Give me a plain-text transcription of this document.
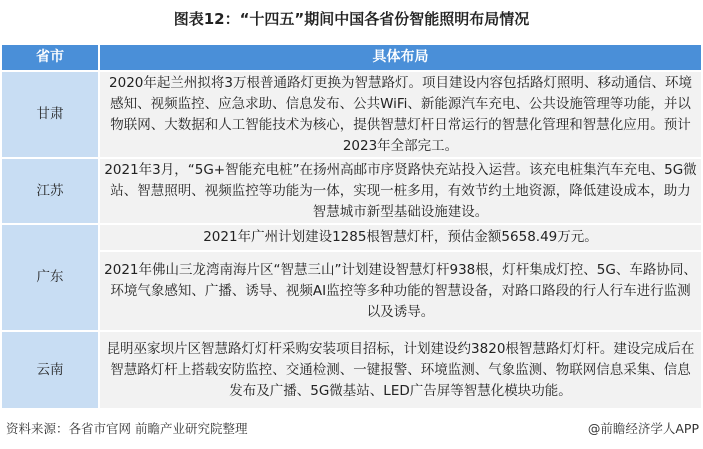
图表12：“十四五”期间中国各省份智能照明布局情况
省市	具体布局
甘肃	2020年起兰州拟将3万根普通路灯更换为智慧路灯。项目建设内容包括路灯照明、移动通信、环境感知、视频监控、应急求助、信息发布、公共WiFi、新能源汽车充电、公共设施管理等功能，并以物联网、大数据和人工智能技术为核心，提供智慧灯杆日常运行的智慧化管理和智慧化应用。预计2023年全部完工。
江苏	2021年3月，“5G+智能充电桩”在扬州高邮市序贤路快充站投入运营。该充电桩集汽车充电、5G微站、智慧照明、视频监控等功能为一体，实现一桩多用，有效节约土地资源，降低建设成本，助力智慧城市新型基础设施建设。
广东	2021年广州计划建设1285根智慧灯杆，预估金额5658.49万元。
	2021年佛山三龙湾南海片区“智慧三山”计划建设智慧灯杆938根，灯杆集成灯控、5G、车路协同、环境气象感知、广播、诱导、视频AI监控等多种功能的智慧设备，对路口路段的行人行车进行监测以及诱导。
云南	昆明巫家坝片区智慧路灯灯杆采购安装项目招标，计划建设约3820根智慧路灯灯杆。建设完成后在智慧路灯杆上搭载安防监控、交通检测、一键报警、环境监测、气象监测、物联网信息采集、信息发布及广播、5G微基站、LED广告屏等智慧化模块功能。
资料来源：各省市官网 前瞻产业研究院整理	@前瞻经济学人APP
